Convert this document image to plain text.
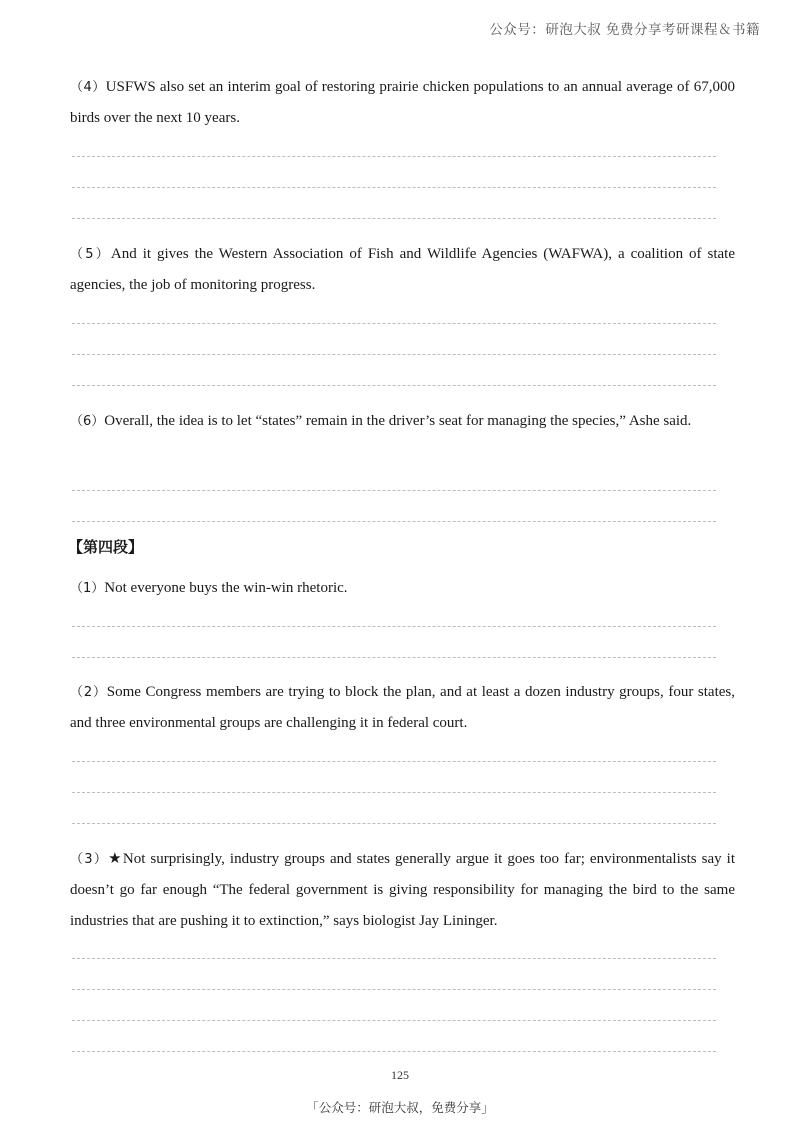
公众号：研泡大叔 免费分享考研课程＆书籍
（4）USFWS also set an interim goal of restoring prairie chicken populations to an annual average of 67,000 birds over the next 10 years.
（5）And it gives the Western Association of Fish and Wildlife Agencies (WAFWA), a coalition of state agencies, the job of monitoring progress.
（6）Overall, the idea is to let “states” remain in the driver’s seat for managing the species,” Ashe said.
【第四段】
（1）Not everyone buys the win-win rhetoric.
（2）Some Congress members are trying to block the plan, and at least a dozen industry groups, four states, and three environmental groups are challenging it in federal court.
（3）★Not surprisingly, industry groups and states generally argue it goes too far; environmentalists say it doesn’t go far enough “The federal government is giving responsibility for managing the bird to the same industries that are pushing it to extinction,” says biologist Jay Lininger.
125
「公众号：研泡大叔，免费分享」
